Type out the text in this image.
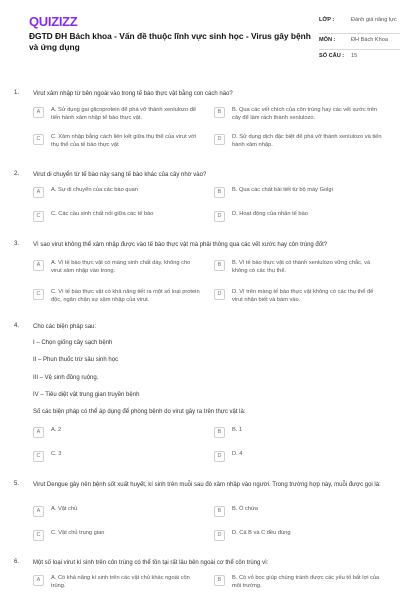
QUIZIZZ
ĐGTD ĐH Bách khoa - Vấn đề thuộc lĩnh vực sinh học - Virus gây bệnh và ứng dụng
LỚP :	Đánh giá năng lực
MÔN :	ĐH Bách Khoa
SỐ CÂU :	15
1. Virut xâm nhập từ bên ngoài vào trong tế bào thực vật bằng con cách nào?
A	A. Sử dụng gai glicoprotein để phá vỡ thành xenlulozo để tiến hành xâm nhập tế bào thực vật.
B	B. Qua các vết chích của côn trùng hay các vết xước trên cây để làm rách thành xenlulozo.
C	C. Xâm nhập bằng cách liên kết giữa thụ thể của virut với thụ thể của tế bào thực vật
D	D. Sử dụng dịch đặc biệt để phá vỡ thành xenlulozo và tiến hành xâm nhập.
2. Virut di chuyển từ tế bào này sang tế bào khác của cây nhờ vào?
A	A. Sự di chuyển của các bào quan	B	B. Qua các chất bài tiết từ bộ máy Golgi
C	C. Các cầu sinh chất nối giữa các tế bào	D	D. Hoạt động của nhân tế bào
3. Vì sao virut không thể xâm nhập được vào tế bào thực vật mà phải thông qua các vết xước hay côn trùng đốt?
A	A. Vì tế bào thực vật có màng sinh chất dày, không cho virut xâm nhập vào trong.
B	B. Vì tế bào thực vật có thành xenlulozo vững chắc, và không có các thụ thể.
C	C. Vì tế bào thực vật có khả năng tiết ra một số loại protein độc, ngăn chặn sự xâm nhập của virut.
D	D. Vì trên màng tế bào thực vật không có các thụ thể để virut nhận biết và bám vào.
4. Cho các biện pháp sau:
I – Chọn giống cây sạch bệnh
II – Phun thuốc trừ sâu sinh học
III – Vệ sinh đồng ruộng.
IV – Tiêu diệt vật trung gian truyền bệnh
Số các biện pháp có thể áp dụng để phòng bệnh do virut gây ra trên thực vật là:
A	A. 2	B	B. 1
C	C. 3	D	D. 4
5. Virut Dengue gây nên bệnh sốt xuất huyết, kí sinh trên muỗi sau đó xâm nhập vào người. Trong trường hợp này, muỗi được gọi là:
A	A. Vật chủ	B	B. Ổ chứa
C	C. Vật chủ trung gian	D	D. Cả B và C đều đúng
6. Một số loại virut kí sinh trên côn trùng có thể tồn tại rất lâu bên ngoài cơ thể côn trùng vì:
A	A. Có khả năng kí sinh trên các vật chủ khác ngoài côn trùng.
B	B. Có vỏ bọc giúp chúng tránh được các yếu tố bất lợi của môi trường.
